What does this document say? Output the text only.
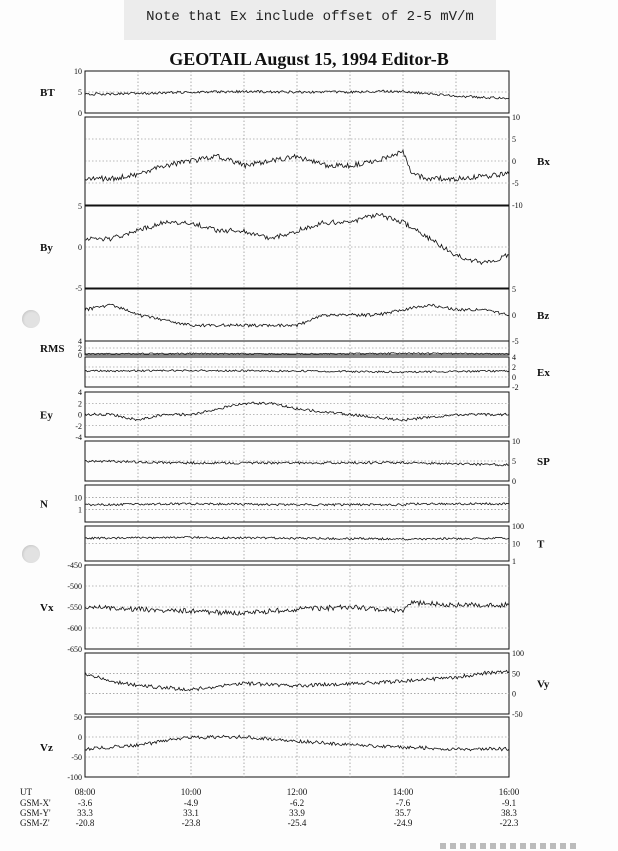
Note that Ex include offset of 2-5 mV/m
GEOTAIL August 15, 1994 Editor-B
10
5
0
BT
10
5
0
-5
-10
Bx
5
0
-5
By
5
0
-5
Bz
4
2
0
RMS
4
2
0
-2
Ex
4
2
0
-2
-4
Ey
10
5
0
SP
10
1
N
100
10
1
T
-450
-500
-550
-600
-650
Vx
100
50
0
-50
Vy
50
0
-50
-100
Vz
UT
GSM-X'
GSM-Y'
GSM-Z'
08:00
-3.6
33.3
-20.8
10:00
-4.9
33.1
-23.8
12:00
-6.2
33.9
-25.4
14:00
-7.6
35.7
-24.9
16:00
-9.1
38.3
-22.3
